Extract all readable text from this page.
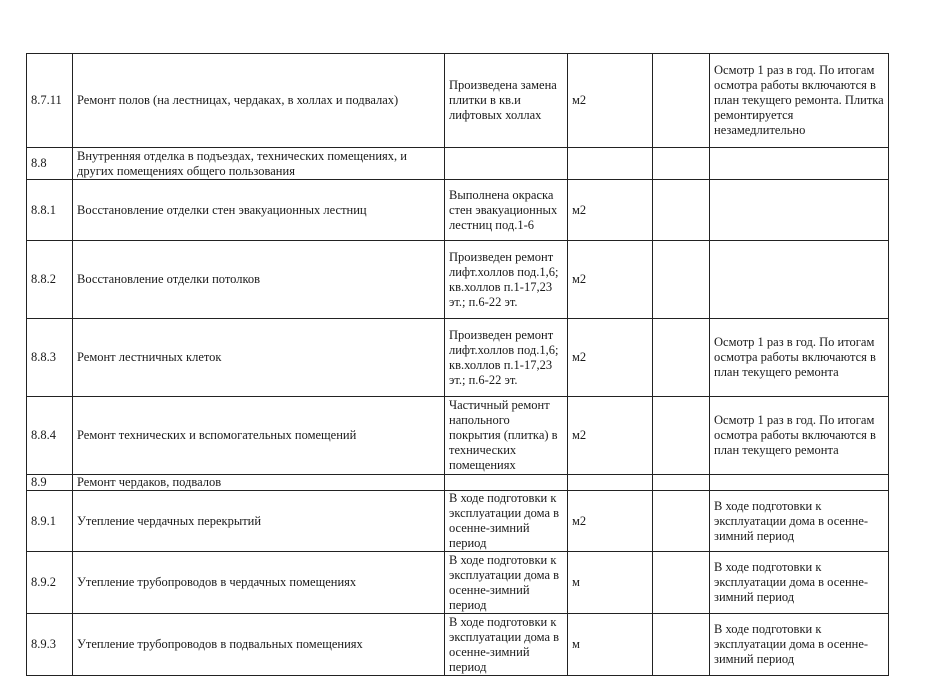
8.7.11	Ремонт полов (на лестницах, чердаках, в холлах и подвалах)	Произведена замена плитки в кв.и лифтовых холлах	м2		Осмотр 1 раз в год. По итогам осмотра работы включаются в план текущего ремонта. Плитка ремонтируется незамедлительно
8.8	Внутренняя отделка в подъездах, технических помещениях, и других помещениях общего пользования				
8.8.1	Восстановление отделки стен эвакуационных лестниц	Выполнена окраска стен эвакуационных лестниц под.1-6	м2		
8.8.2	Восстановление отделки потолков	Произведен ремонт лифт.холлов под.1,6; кв.холлов п.1-17,23 эт.; п.6-22 эт.	м2		
8.8.3	Ремонт лестничных клеток	Произведен ремонт лифт.холлов под.1,6; кв.холлов п.1-17,23 эт.; п.6-22 эт.	м2		Осмотр 1 раз в год. По итогам осмотра работы включаются в план текущего ремонта
8.8.4	Ремонт технических и вспомогательных помещений	Частичный ремонт напольного покрытия (плитка) в технических помещениях	м2		Осмотр 1 раз в год. По итогам осмотра работы включаются в план текущего ремонта
8.9	Ремонт чердаков, подвалов				
8.9.1	Утепление чердачных перекрытий	В ходе подготовки к эксплуатации дома в осенне-зимний период	м2		В ходе подготовки к эксплуатации дома в осенне-зимний период
8.9.2	Утепление трубопроводов в чердачных помещениях	В ходе подготовки к эксплуатации дома в осенне-зимний период	м		В ходе подготовки к эксплуатации дома в осенне-зимний период
8.9.3	Утепление трубопроводов в подвальных помещениях	В ходе подготовки к эксплуатации дома в осенне-зимний период	м		В ходе подготовки к эксплуатации дома в осенне-зимний период
